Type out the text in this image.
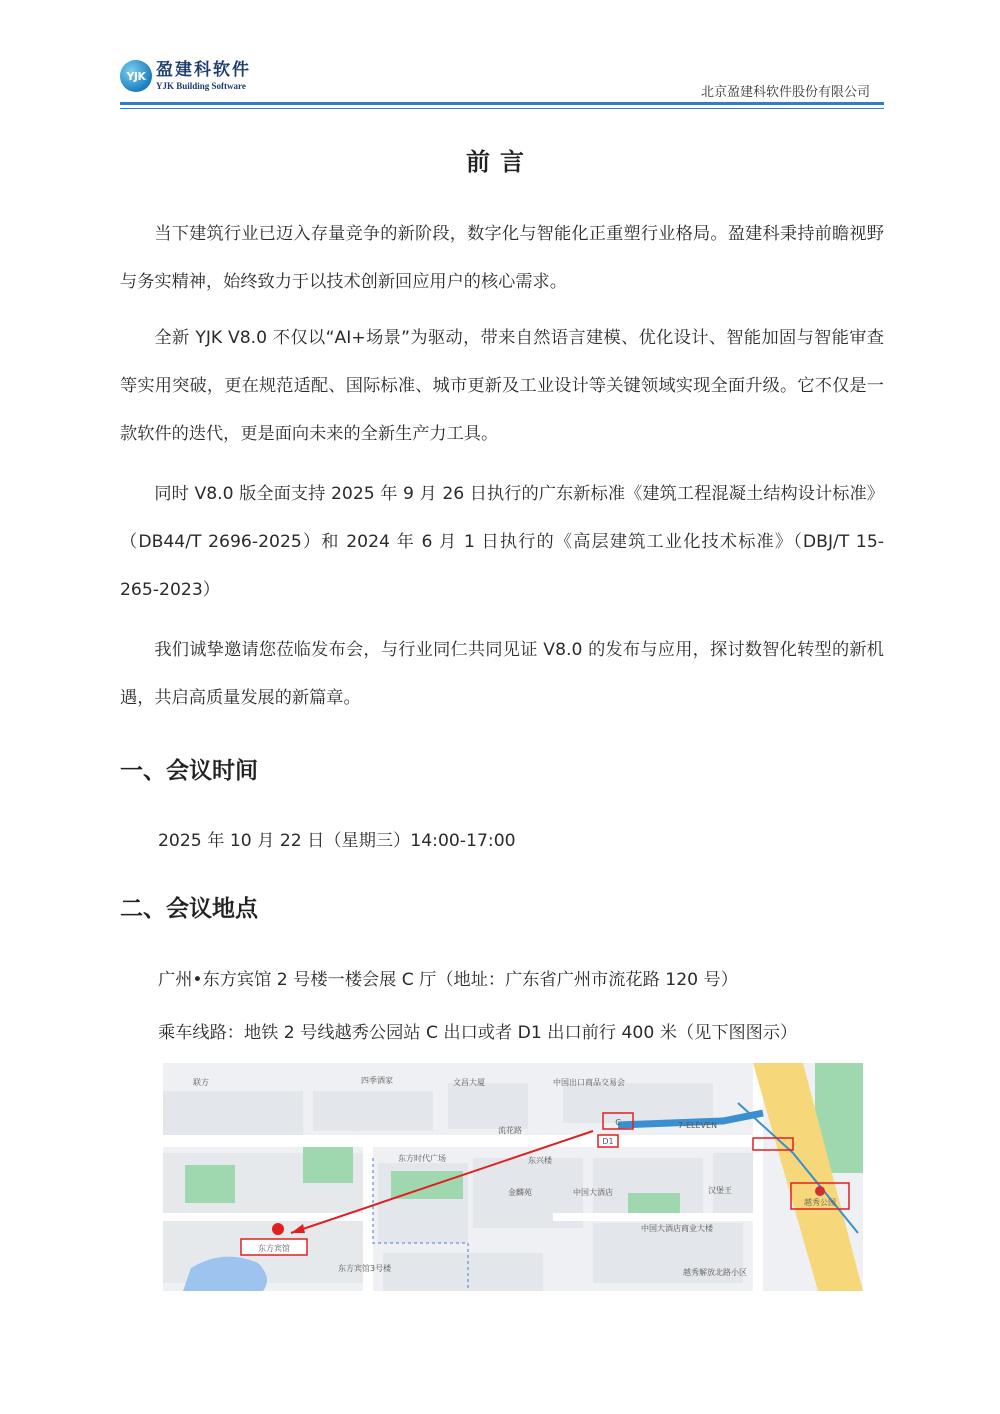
YJK 盈建科软件
YJK Building Software	北京盈建科软件股份有限公司
前言
当下建筑行业已迈入存量竞争的新阶段，数字化与智能化正重塑行业格局。盈建科秉持前瞻视野与务实精神，始终致力于以技术创新回应用户的核心需求。
全新 YJK V8.0 不仅以“AI+场景”为驱动，带来自然语言建模、优化设计、智能加固与智能审查等实用突破，更在规范适配、国际标准、城市更新及工业设计等关键领域实现全面升级。它不仅是一款软件的迭代，更是面向未来的全新生产力工具。
同时 V8.0 版全面支持 2025 年 9 月 26 日执行的广东新标准《建筑工程混凝土结构设计标准》（DB44/T 2696-2025）和 2024 年 6 月 1 日执行的《高层建筑工业化技术标准》（DBJ/T 15-265-2023）
我们诚挚邀请您莅临发布会，与行业同仁共同见证 V8.0 的发布与应用，探讨数智化转型的新机遇，共启高质量发展的新篇章。
一、会议时间
2025 年 10 月 22 日（星期三）14:00-17:00
二、会议地点
广州•东方宾馆 2 号楼一楼会展 C 厅（地址：广东省广州市流花路 120 号）
乘车线路：地铁 2 号线越秀公园站 C 出口或者 D1 出口前行 400 米（见下图图示）
C
D1
越秀公园
东方宾馆
流花路
7-ELEVEN
东方时代广场
东方宾馆3号楼
中国大酒店
中国大酒店商业大楼
中国出口商品交易会
金麟苑
东兴楼
汉堡王
联方	四季酒家	文昌大厦
越秀解放北路小区
